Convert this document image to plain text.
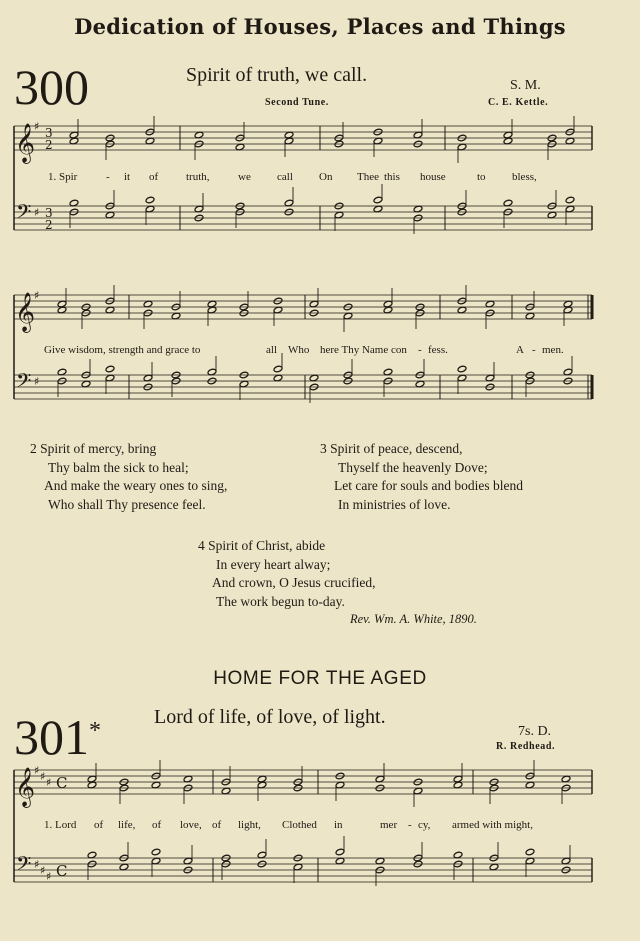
Dedication of Houses, Places and Things
300	Spirit of truth, we call.	S. M.
Second Tune.	C. E. Kettle.
𝄞
𝄢
♯
♯
3
2
3
2
1. Spir	- it of	truth,	we call On Thee this house	to bless,
𝄞
𝄢
♯
♯
Give wisdom, strength and grace to	all Who here Thy Name con - fess.	A - men.
2 Spirit of mercy, bring
Thy balm the sick to heal;
And make the weary ones to sing,
Who shall Thy presence feel.
3 Spirit of peace, descend,
Thyself the heavenly Dove;
Let care for souls and bodies blend
In ministries of love.
4 Spirit of Christ, abide
In every heart alway;
And crown, O Jesus crucified,
The work begun to-day.
Rev. Wm. A. White, 1890.
HOME FOR THE AGED
301*
Lord of life, of love, of light.
7s. D.
R. Redhead.
𝄞
𝄢
♯
♯
♯
♯
♯
♯
C
C
1. Lord of life, of love, of light, Clothed in	mer - cy, armed with might,
